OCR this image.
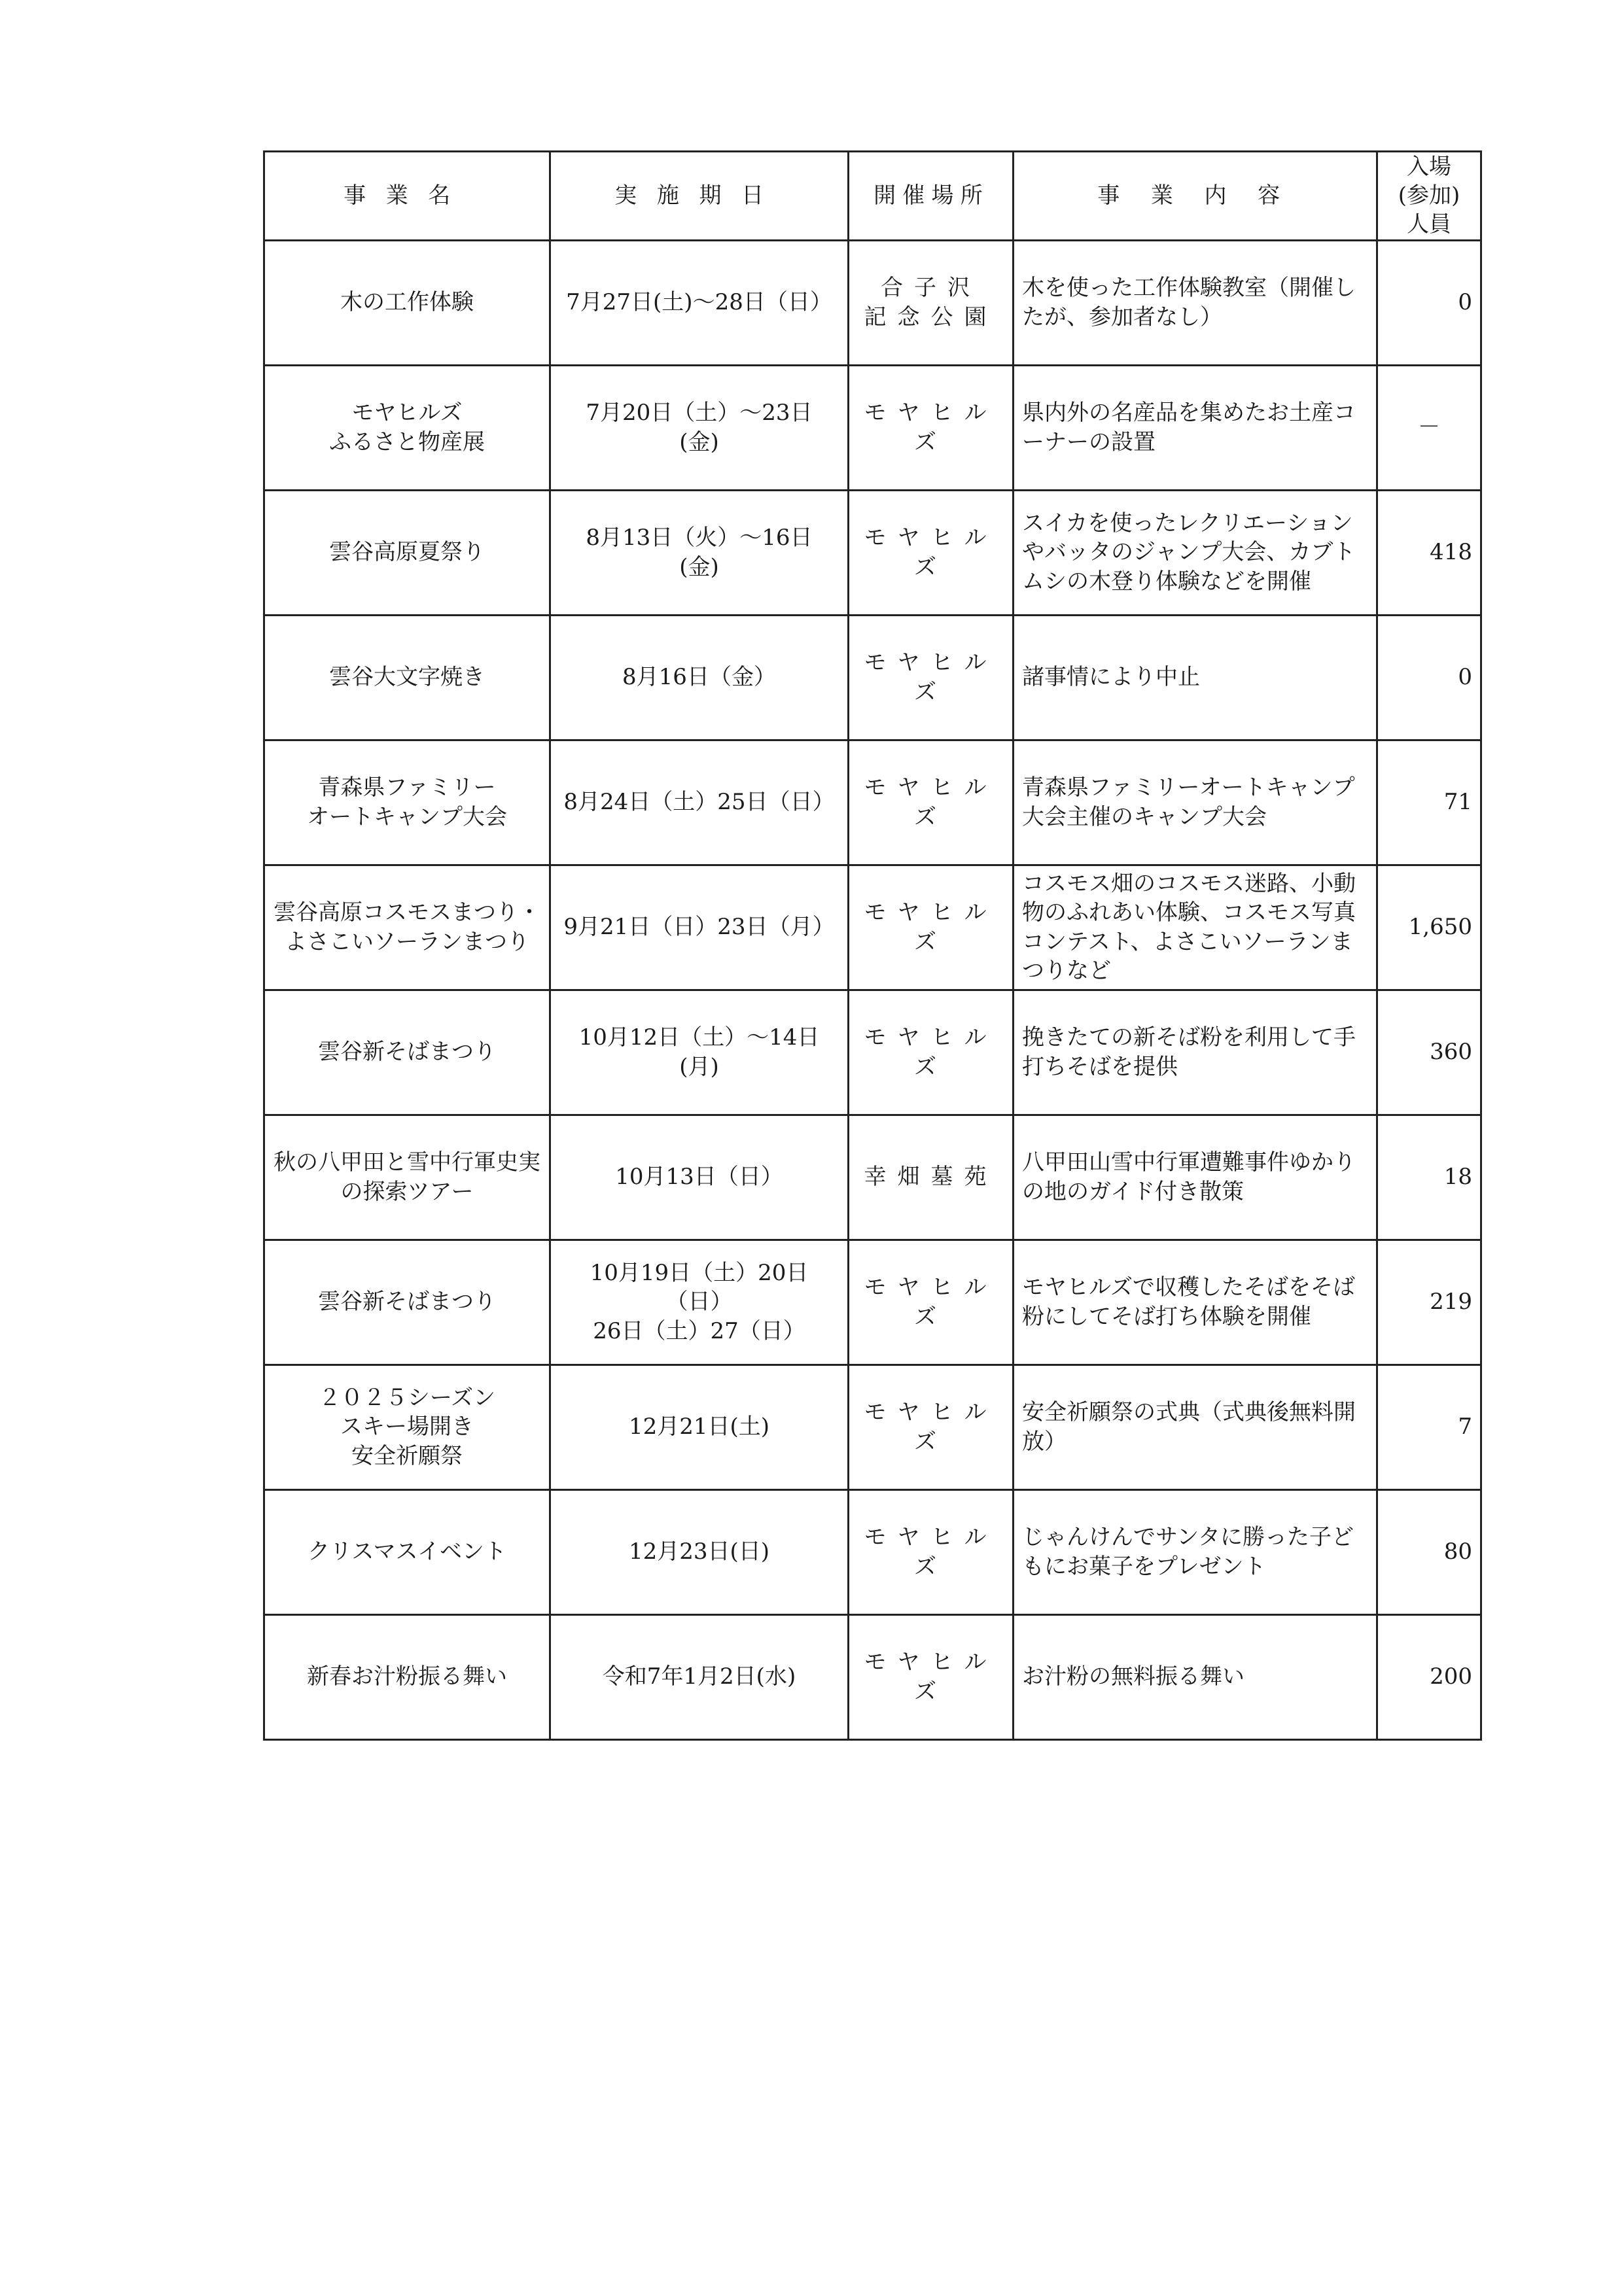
事業名	実施期日	開催場所	事業内容	入場
(参加)
人員
木の工作体験	7月27日(土)～28日（日）	合子沢
記念公園	木を使った工作体験教室（開催したが、参加者なし）	0
モヤヒルズ
ふるさと物産展	7月20日（土）～23日
(金)	モヤヒルズ	県内外の名産品を集めたお土産コーナーの設置	－
雲谷高原夏祭り	8月13日（火）～16日
(金)	モヤヒルズ	スイカを使ったレクリエーションやバッタのジャンプ大会、カブトムシの木登り体験などを開催	418
雲谷大文字焼き	8月16日（金）	モヤヒルズ	諸事情により中止	0
青森県ファミリー
オートキャンプ大会	8月24日（土）25日（日）	モヤヒルズ	青森県ファミリーオートキャンプ大会主催のキャンプ大会	71
雲谷高原コスモスまつり・よさこいソーランまつり	9月21日（日）23日（月）	モヤヒルズ	コスモス畑のコスモス迷路、小動物のふれあい体験、コスモス写真コンテスト、よさこいソーランまつりなど	1,650
雲谷新そばまつり	10月12日（土）～14日
(月)	モヤヒルズ	挽きたての新そば粉を利用して手打ちそばを提供	360
秋の八甲田と雪中行軍史実の探索ツアー	10月13日（日）	幸畑墓苑	八甲田山雪中行軍遭難事件ゆかりの地のガイド付き散策	18
雲谷新そばまつり	10月19日（土）20日（日）
26日（土）27（日）	モヤヒルズ	モヤヒルズで収穫したそばをそば粉にしてそば打ち体験を開催	219
２０２５シーズン
スキー場開き
安全祈願祭	12月21日(土)	モヤヒルズ	安全祈願祭の式典（式典後無料開放）	7
クリスマスイベント	12月23日(日)	モヤヒルズ	じゃんけんでサンタに勝った子どもにお菓子をプレゼント	80
新春お汁粉振る舞い	令和7年1月2日(水)	モヤヒルズ	お汁粉の無料振る舞い	200
